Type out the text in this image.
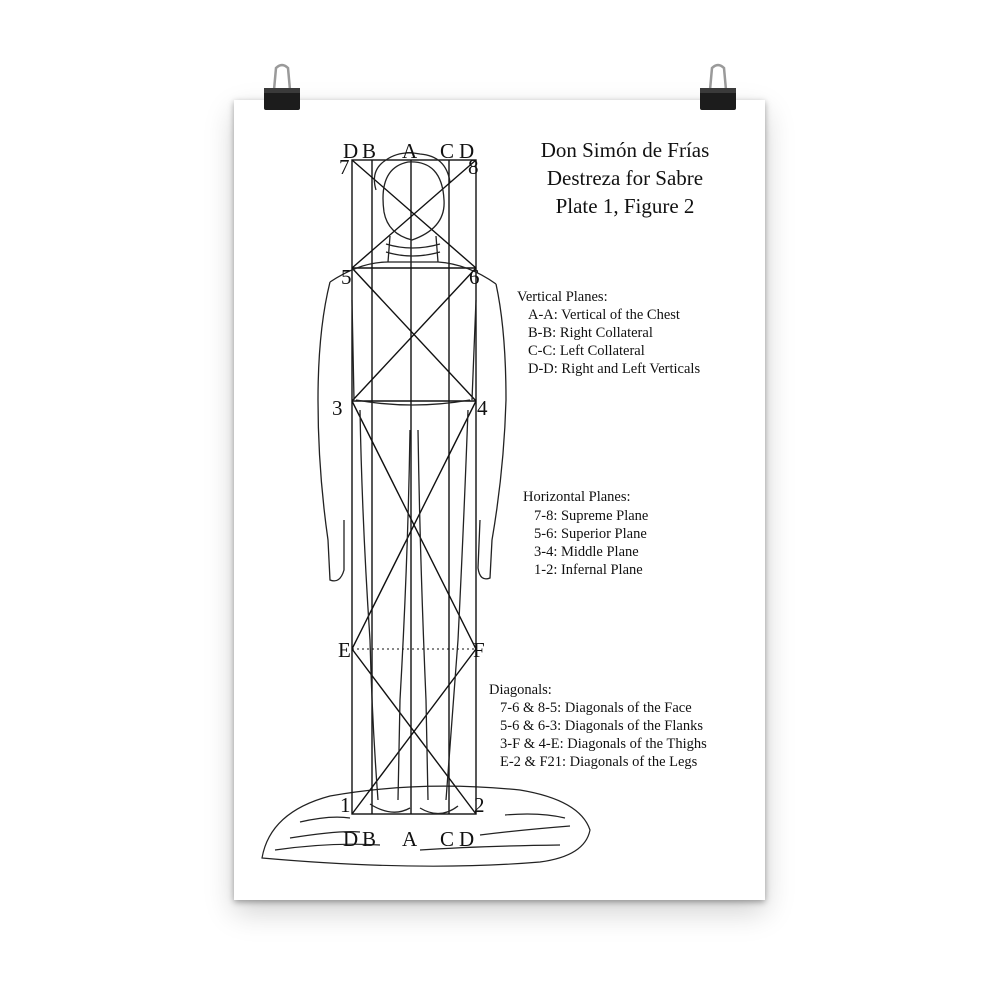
D B A C D
D B A C D
7	8
5	6
3	4
E	F
1	2
Don Simón de Frías
Destreza for Sabre
Plate 1, Figure 2
Vertical Planes:
A-A: Vertical of the Chest
B-B: Right Collateral
C-C: Left Collateral
D-D: Right and Left Verticals
Horizontal Planes:
7-8: Supreme Plane
5-6: Superior Plane
3-4: Middle Plane
1-2: Infernal Plane
Diagonals:
7-6 & 8-5: Diagonals of the Face
5-6 & 6-3: Diagonals of the Flanks
3-F & 4-E: Diagonals of the Thighs
E-2 & F21: Diagonals of the Legs
